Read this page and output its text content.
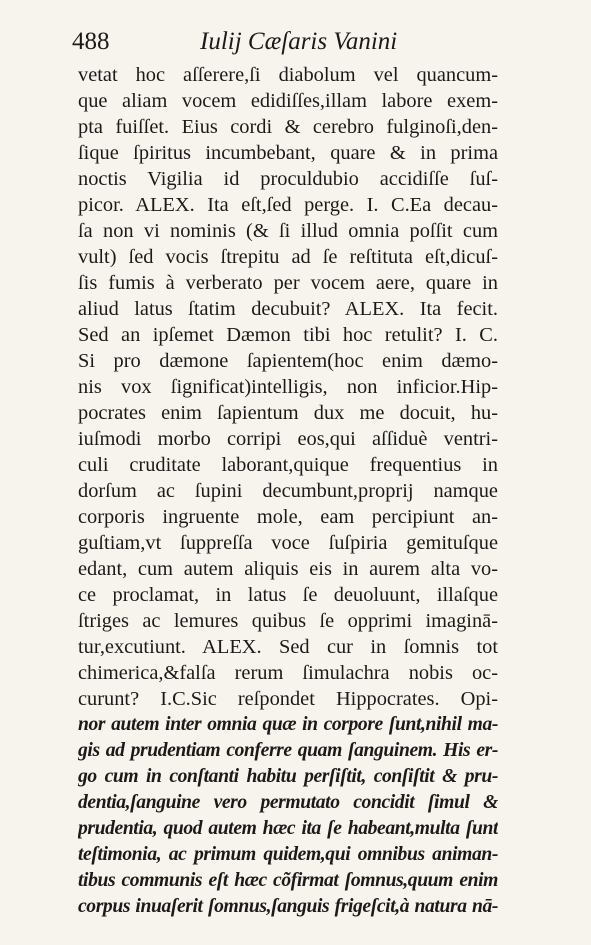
488	Iulij Cæſaris Vanini
vetat hoc aſſerere,ſi diabolum vel quancum-
que aliam vocem edidiſſes,illam labore exem-
pta fuiſſet. Eius cordi & cerebro fulginoſi,den-
ſique ſpiritus incumbebant, quare & in prima
noctis Vigilia id proculdubio accidiſſe ſuſ-
picor. ALEX. Ita eſt,ſed perge. I. C.Ea decau-
ſa non vi nominis (& ſi illud omnia poſſit cum
vult) ſed vocis ſtrepitu ad ſe reſtituta eſt,dicuſ-
ſis fumis à verberato per vocem aere, quare in
aliud latus ſtatim decubuit? ALEX. Ita fecit.
Sed an ipſemet Dæmon tibi hoc retulit? I. C.
Si pro dæmone ſapientem(hoc enim dæmo-
nis vox ſignificat)intelligis, non inficior.Hip-
pocrates enim ſapientum dux me docuit, hu-
iuſmodi morbo corripi eos,qui aſſiduè ventri-
culi cruditate laborant,quique frequentius in
dorſum ac ſupini decumbunt,proprij namque
corporis ingruente mole, eam percipiunt an-
guſtiam,vt ſuppreſſa voce ſuſpiria gemituſque
edant, cum autem aliquis eis in aurem alta vo-
ce proclamat, in latus ſe deuoluunt, illaſque
ſtriges ac lemures quibus ſe opprimi imaginā-
tur,excutiunt. ALEX. Sed cur in ſomnis tot
chimerica,&falſa rerum ſimulachra nobis oc-
curunt? I.C.Sic reſpondet Hippocrates. Opi-
nor autem inter omnia quæ in corpore ſunt,nihil ma-
gis ad prudentiam conferre quam ſanguinem. His er-
go cum in conſtanti habitu perſiſtit, conſiſtit & pru-
dentia,ſanguine vero permutato concidit ſimul &
prudentia, quod autem hæc ita ſe habeant,multa ſunt
teſtimonia, ac primum quidem,qui omnibus animan-
tibus communis eſt hæc cõfirmat ſomnus,quum enim
corpus inuaſerit ſomnus,ſanguis frigeſcit,à natura nā-
